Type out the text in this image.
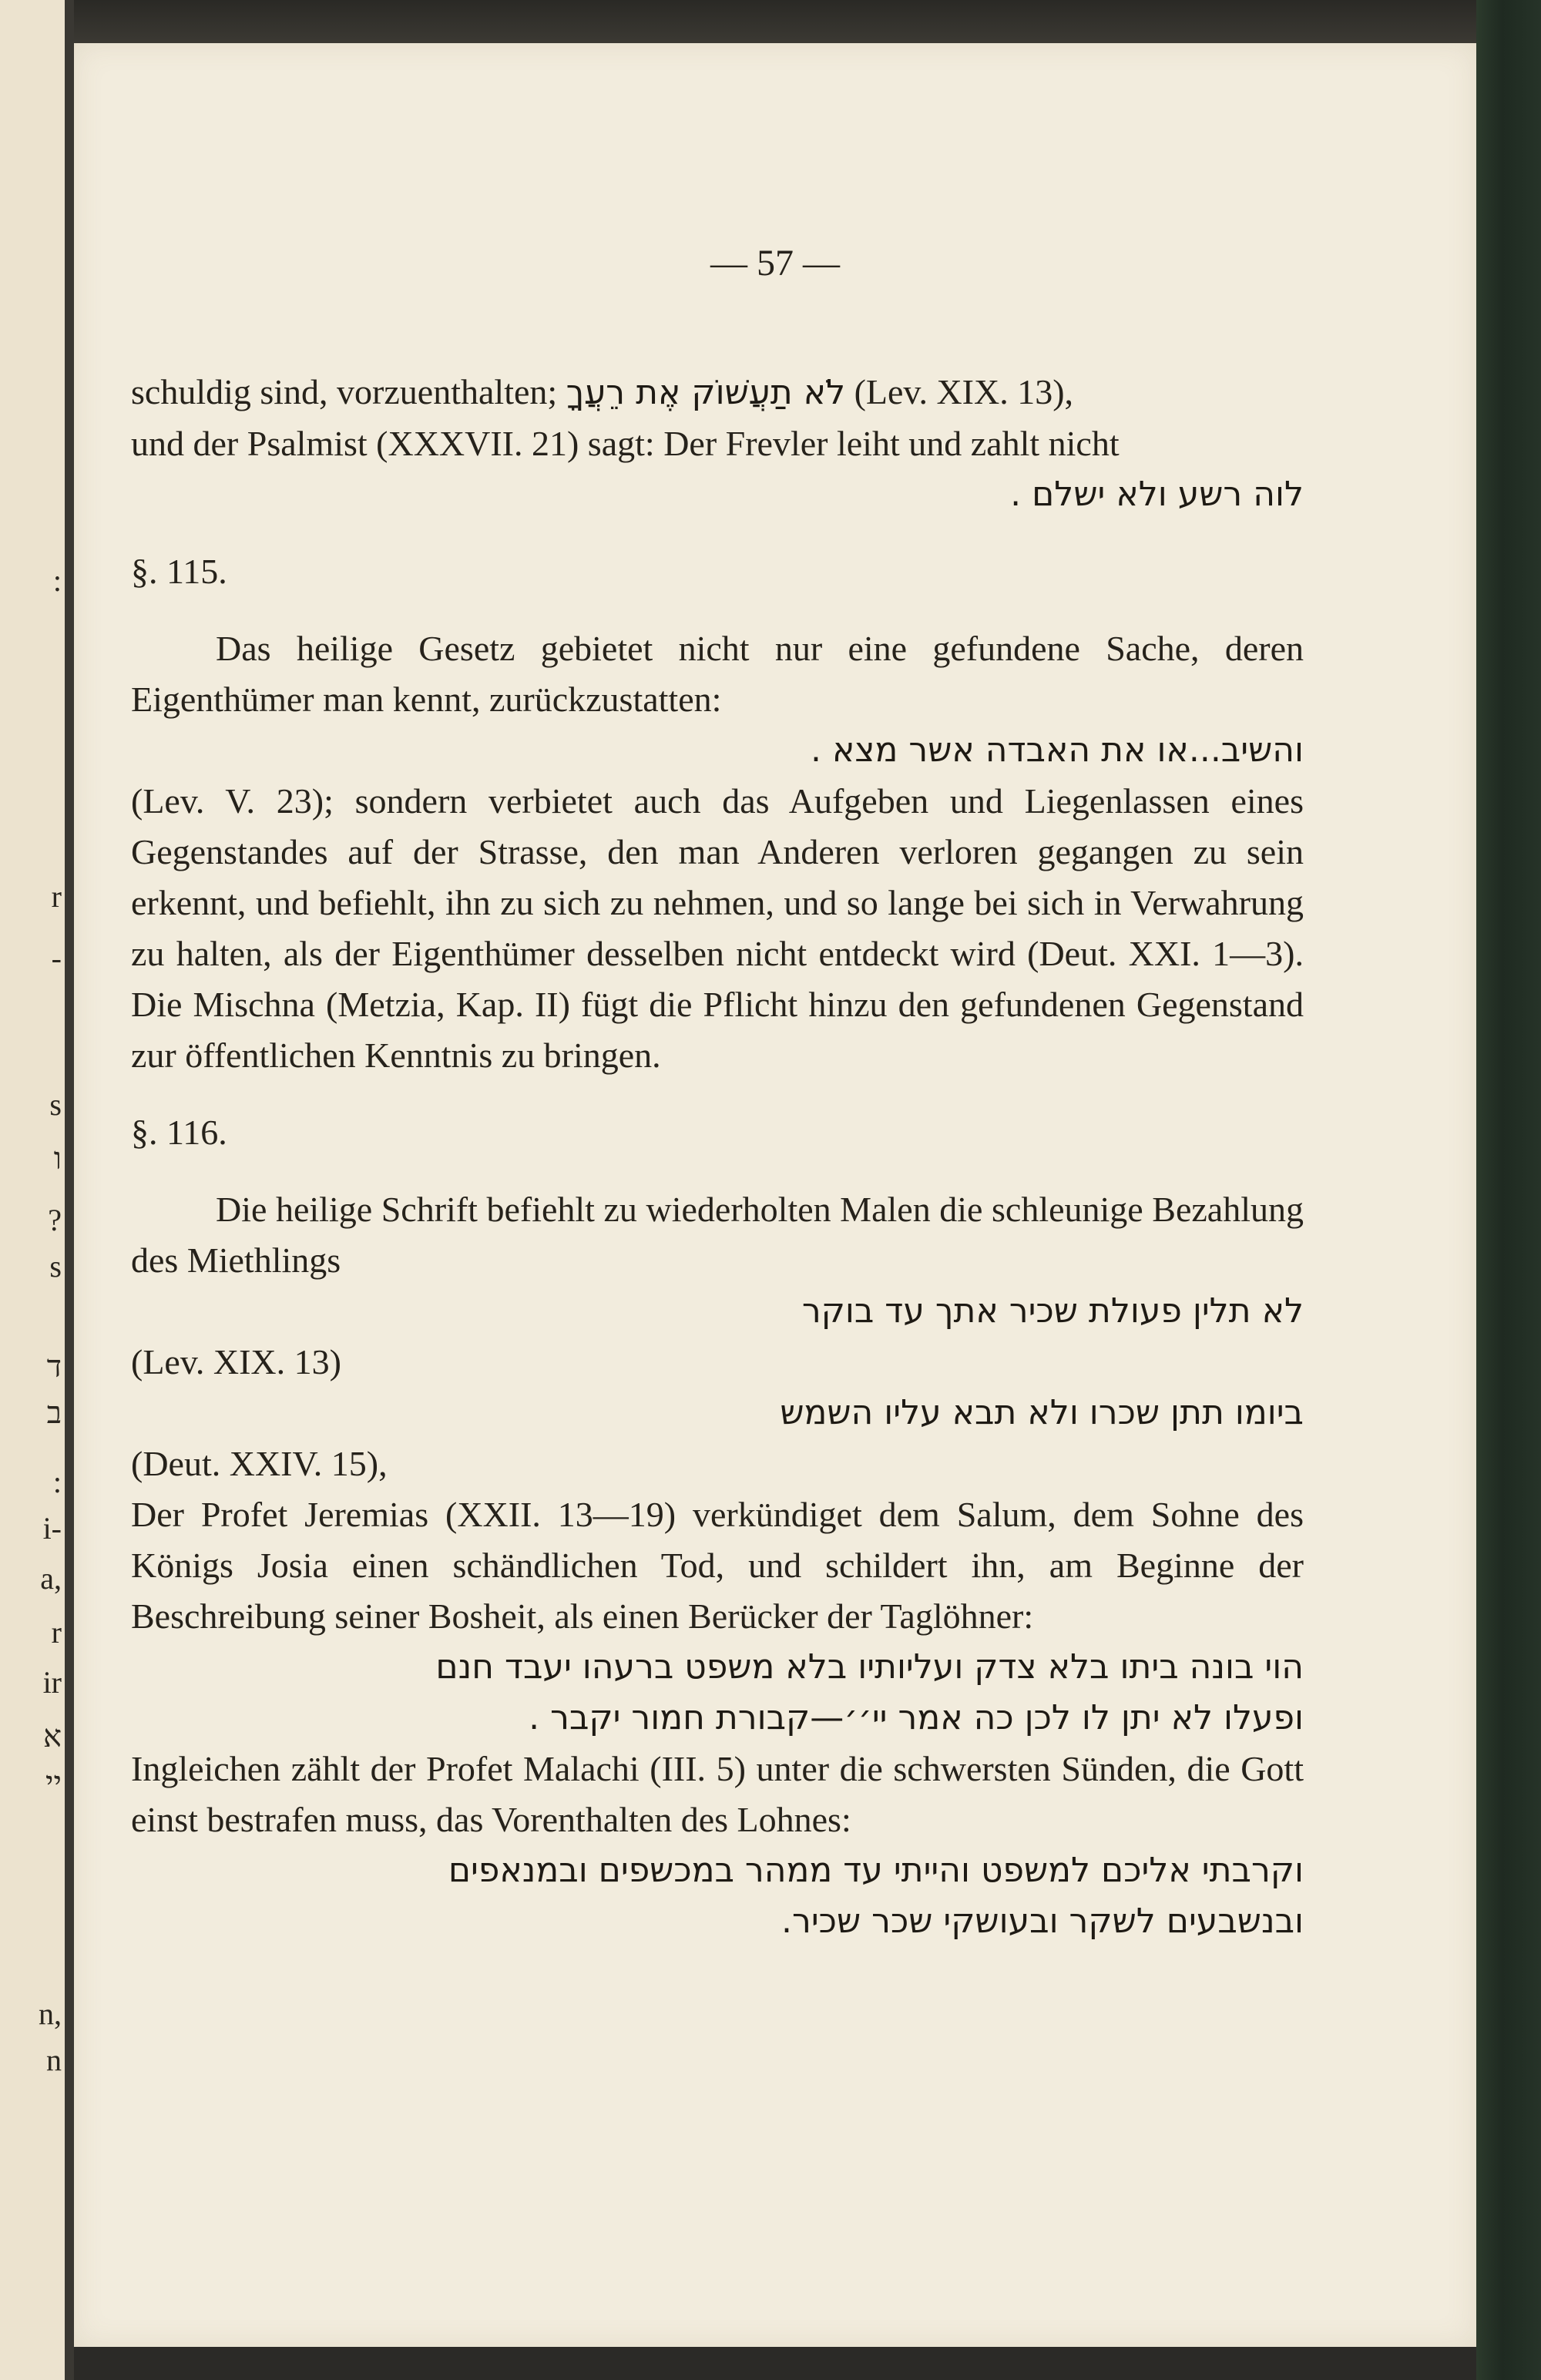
:
r
-
s
ו
?
s
ד
ב
:
i-
a,
r
ir
א
יי
n,
n
— 57 —

schuldig sind, vorzuenthalten; לֹא תַעֲשׁוֹק אֶת רֵעֲךָ (Lev. XIX. 13),

und der Psalmist (XXXVII. 21) sagt: Der Frevler leiht und zahlt nicht

לוה רשע ולא ישלם .

§. 115.

Das heilige Gesetz gebietet nicht nur eine gefundene Sache, deren Eigenthümer man kennt, zurückzustatten:

והשיב...או את האבדה אשר מצא .

(Lev. V. 23); sondern verbietet auch das Aufgeben und Liegenlassen eines Gegenstandes auf der Strasse, den man Anderen verloren gegangen zu sein erkennt, und befiehlt, ihn zu sich zu nehmen, und so lange bei sich in Verwahrung zu halten, als der Eigenthümer desselben nicht entdeckt wird (Deut. XXI. 1—3). Die Mischna (Metzia, Kap. II) fügt die Pflicht hinzu den gefundenen Gegenstand zur öffentlichen Kenntnis zu bringen.

§. 116.

Die heilige Schrift befiehlt zu wiederholten Malen die schleunige Bezahlung des Miethlings

לא תלין פעולת שכיר אתך עד בוקר

(Lev. XIX. 13)

ביומו תתן שכרו ולא תבא עליו השמש

(Deut. XXIV. 15),

Der Profet Jeremias (XXII. 13—19) verkündiget dem Salum, dem Sohne des Königs Josia einen schändlichen Tod, und schildert ihn, am Beginne der Beschreibung seiner Bosheit, als einen Berücker der Taglöhner:

הוי בונה ביתו בלא צדק ועליותיו בלא משפט ברעהו יעבד חנם

ופעלו לא יתן לו לכן כה אמר יי׳׳—קבורת חמור יקבר .

Ingleichen zählt der Profet Malachi (III. 5) unter die schwersten Sünden, die Gott einst bestrafen muss, das Vorenthalten des Lohnes:

וקרבתי אליכם למשפט והייתי עד ממהר במכשפים ובמנאפים

ובנשבעים לשקר ובעושקי שכר שכיר.
